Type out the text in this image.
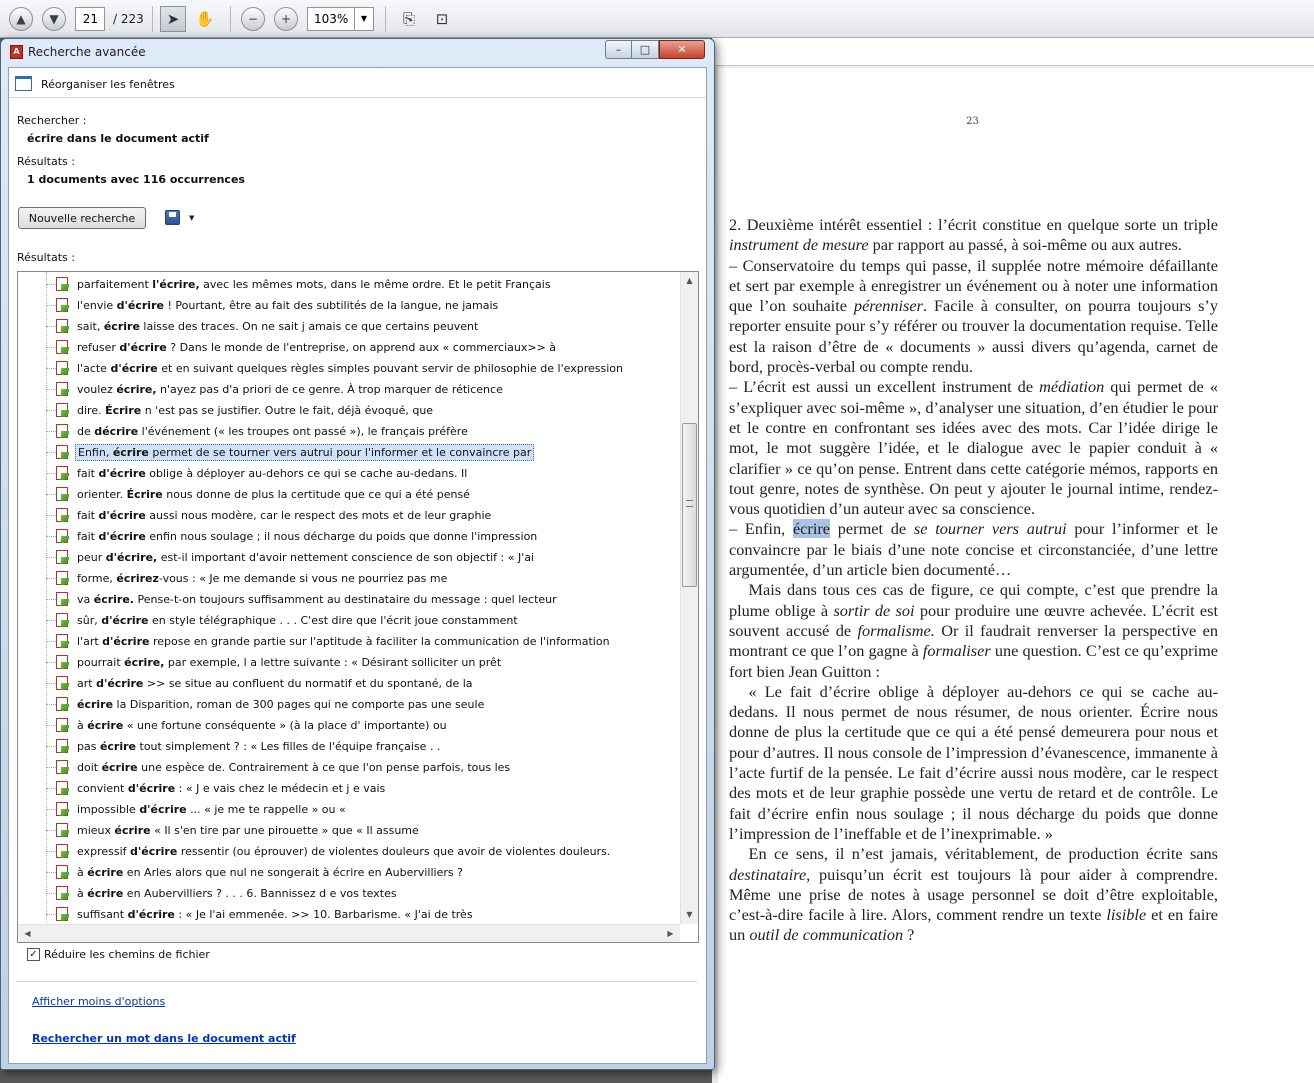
▲	▼	21	/ 223	➤	✋	−	+	103%	▼	⎘	⊡
23

2. Deuxième intérêt essentiel : l’écrit constitue en quelque sorte un triple instrument de mesure par rapport au passé, à soi-même ou aux autres.

– Conservatoire du temps qui passe, il supplée notre mémoire défaillante et sert par exemple à enregistrer un événement ou à noter une information que l’on souhaite pérenniser. Facile à consulter, on pourra toujours s’y reporter ensuite pour s’y référer ou trouver la documentation requise. Telle est la raison d’être de « documents » aussi divers qu’agenda, carnet de bord, procès-verbal ou compte rendu.

– L’écrit est aussi un excellent instrument de médiation qui permet de « s’expliquer avec soi-même », d’analyser une situation, d’en étudier le pour et le contre en confrontant ses idées avec des mots. Car l’idée dirige le mot, le mot suggère l’idée, et le dialogue avec le papier conduit à « clarifier » ce qu’on pense. Entrent dans cette catégorie mémos, rapports en tout genre, notes de synthèse. On peut y ajouter le journal intime, rendez-vous quotidien d’un auteur avec sa conscience.

– Enfin, écrire permet de se tourner vers autrui pour l’informer et le convaincre par le biais d’une note concise et circonstanciée, d’une lettre argumentée, d’un article bien documenté…

Mais dans tous ces cas de figure, ce qui compte, c’est que prendre la plume oblige à sortir de soi pour produire une œuvre achevée. L’écrit est souvent accusé de formalisme. Or il faudrait renverser la perspective en montrant ce que l’on gagne à formaliser une question. C’est ce qu’exprime fort bien Jean Guitton :

« Le fait d’écrire oblige à déployer au-dehors ce qui se cache au-dedans. Il nous permet de nous résumer, de nous orienter. Écrire nous donne de plus la certitude que ce qui a été pensé demeurera pour nous et pour d’autres. Il nous console de l’impression d’évanescence, immanente à l’acte furtif de la pensée. Le fait d’écrire aussi nous modère, car le respect des mots et de leur graphie possède une vertu de retard et de contrôle. Le fait d’écrire enfin nous soulage ; il nous décharge du poids que donne l’impression de l’ineffable et de l’inexprimable. »

En ce sens, il n’est jamais, véritablement, de production écrite sans destinataire, puisqu’un écrit est toujours là pour aider à comprendre. Même une prise de notes à usage personnel se doit d’être exploitable, c’est-à-dire facile à lire. Alors, comment rendre un texte lisible et en faire un outil de communication ?

A Recherche avancée	–	□	✕
Réorganiser les fenêtres
Rechercher :
écrire dans le document actif
Résultats :
1 documents avec 116 occurrences
Nouvelle recherche	▼
Résultats :
parfaitement l'écrire, avec les mêmes mots, dans le même ordre. Et le petit Français
l'envie d'écrire ! Pourtant, être au fait des subtilités de la langue, ne jamais
sait, écrire laisse des traces. On ne sait j amais ce que certains peuvent
refuser d'écrire ? Dans le monde de l'entreprise, on apprend aux « commerciaux>> à
l'acte d'écrire et en suivant quelques règles simples pouvant servir de philosophie de l'expression
voulez écrire, n'ayez pas d'a priori de ce genre. À trop marquer de réticence
dire. Écrire n 'est pas se justifier. Outre le fait, déjà évoqué, que
de décrire l'événement (« les troupes ont passé »), le français préfère
Enfin, écrire permet de se tourner vers autrui pour l'informer et le convaincre par
fait d'écrire oblige à déployer au-dehors ce qui se cache au-dedans. Il
orienter. Écrire nous donne de plus la certitude que ce qui a été pensé
fait d'écrire aussi nous modère, car le respect des mots et de leur graphie
fait d'écrire enfin nous soulage ; il nous décharge du poids que donne l'impression
peur d'écrire, est-il important d'avoir nettement conscience de son objectif : « J'ai
forme, écrirez-vous : « Je me demande si vous ne pourriez pas me
va écrire. Pense-t-on toujours suffisamment au destinataire du message : quel lecteur
sûr, d'écrire en style télégraphique . . . C'est dire que l'écrit joue constamment
l'art d'écrire repose en grande partie sur l'aptitude à faciliter la communication de l'information
pourrait écrire, par exemple, l a lettre suivante : « Désirant solliciter un prêt
art d'écrire >> se situe au confluent du normatif et du spontané, de la
écrire la Disparition, roman de 300 pages qui ne comporte pas une seule
à écrire « une fortune conséquente » (à la place d' importante) ou
pas écrire tout simplement ? : « Les filles de l'équipe française . .
doit écrire une espèce de. Contrairement à ce que l'on pense parfois, tous les
convient d'écrire : « J e vais chez le médecin et j e vais
impossible d'écrire ... « je me te rappelle » ou «
mieux écrire « Il s'en tire par une pirouette » que « Il assume
expressif d'écrire ressentir (ou éprouver) de violentes douleurs que avoir de violentes douleurs.
à écrire en Arles alors que nul ne songerait à écrire en Aubervilliers ?
à écrire en Aubervilliers ? . . . 6. Bannissez d e vos textes
suffisant d'écrire : « Je l'ai emmenée. >> 10. Barbarisme. « J'ai de très
▲
▼
◀	▶
✓ Réduire les chemins de fichier
Afficher moins d'options
Rechercher un mot dans le document actif
